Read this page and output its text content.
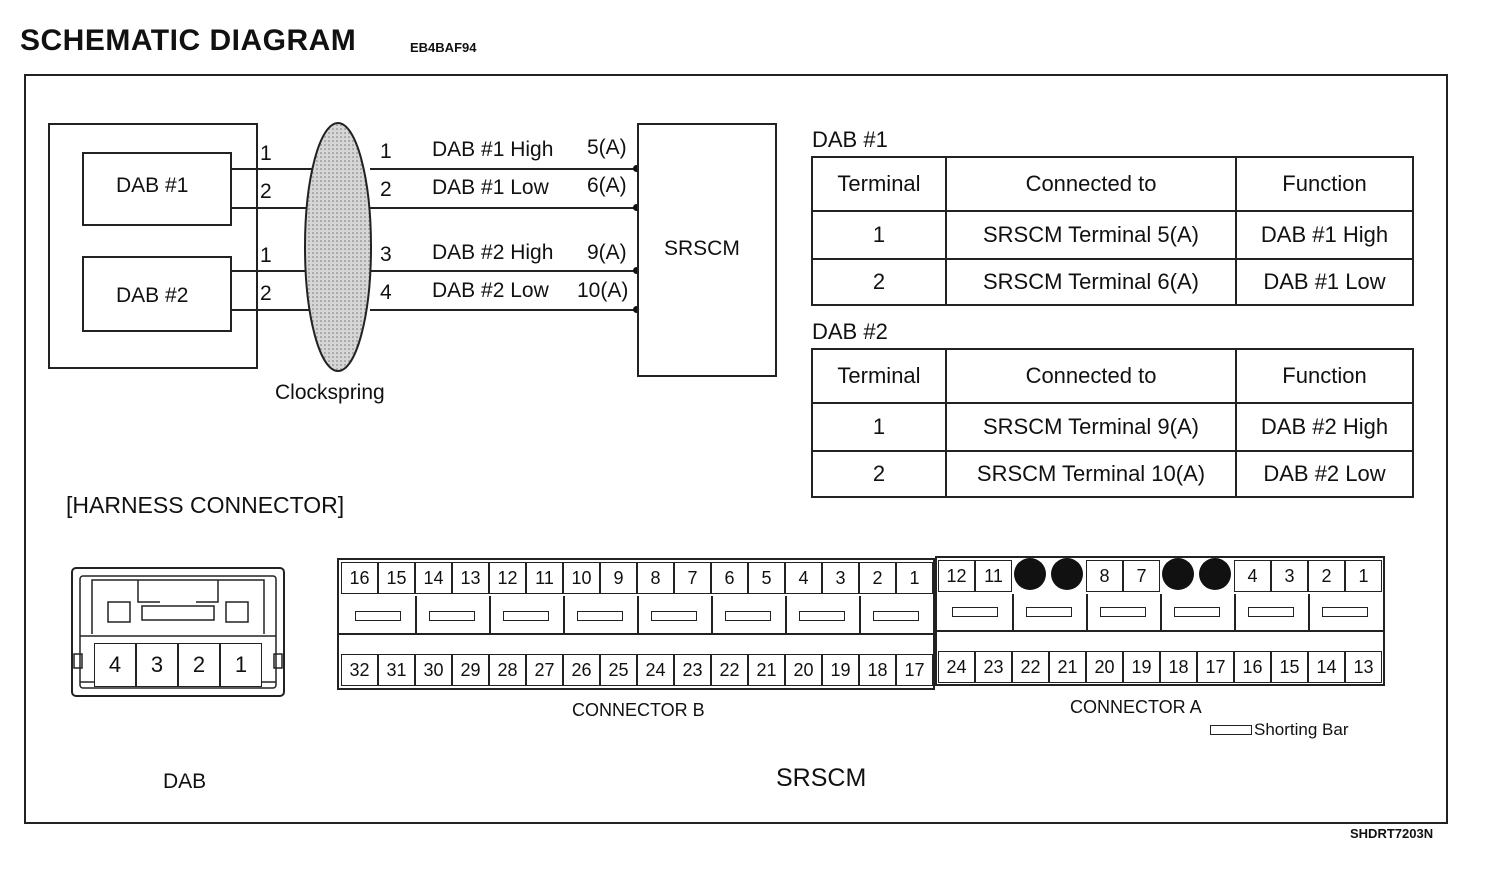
SCHEMATIC DIAGRAM	EB4BAF94
DAB #1
DAB #2
1
2
1
2
Clockspring
1 DAB #1 High 5(A)
2 DAB #1 Low 6(A)
3 DAB #2 High 9(A)
4 DAB #2 Low 10(A)
SRSCM
DAB #1
Terminal	Connected to	Function
1	SRSCM Terminal 5(A)	DAB #1 High
2	SRSCM Terminal 6(A)	DAB #1 Low
DAB #2
Terminal	Connected to	Function
1	SRSCM Terminal 9(A)	DAB #2 High
2	SRSCM Terminal 10(A)	DAB #2 Low
[HARNESS CONNECTOR]
4	3	2	1
DAB
16 15 14 13 12 11 10	9	8	7	6	5	4	3	2	1
32 31 30 29 28 27 26 25 24 23 22 21 20 19 18 17
12 11	8	7	4	3	2	1
24 23 22 21 20 19 18 17 16 15 14 13
CONNECTOR B	CONNECTOR A
Shorting Bar
SRSCM
SHDRT7203N
